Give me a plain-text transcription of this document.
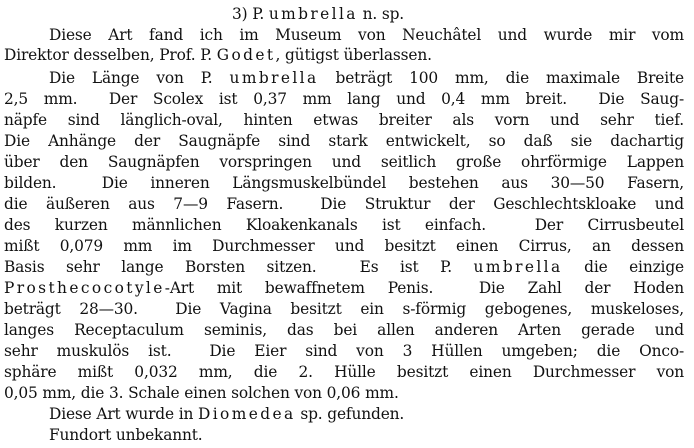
3) P. umbrella n. sp.
Diese Art fand ich im Museum von Neuchâtel und wurde mir vom
Direktor desselben, Prof. P. Godet, gütigst überlassen.
Die Länge von P. umbrella beträgt 100 mm, die maximale Breite
2,5 mm.  Der Scolex ist 0,37 mm lang und 0,4 mm breit.  Die Saug-
näpfe sind länglich-oval, hinten etwas breiter als vorn und sehr tief.
Die Anhänge der Saugnäpfe sind stark entwickelt, so daß sie dachartig
über den Saugnäpfen vorspringen und seitlich große ohrförmige Lappen
bilden.  Die inneren Längsmuskelbündel bestehen aus 30—50 Fasern,
die äußeren aus 7—9 Fasern.  Die Struktur der Geschlechtskloake und
des kurzen männlichen Kloakenkanals ist einfach.  Der Cirrusbeutel
mißt 0,079 mm im Durchmesser und besitzt einen Cirrus, an dessen
Basis sehr lange Borsten sitzen.  Es ist P. umbrella die einzige
Prosthecocotyle-Art mit bewaffnetem Penis.  Die Zahl der Hoden
beträgt 28—30.  Die Vagina besitzt ein s-förmig gebogenes, muskeloses,
langes Receptaculum seminis, das bei allen anderen Arten gerade und
sehr muskulös ist.  Die Eier sind von 3 Hüllen umgeben; die Onco-
sphäre mißt 0,032 mm, die 2. Hülle besitzt einen Durchmesser von
0,05 mm, die 3. Schale einen solchen von 0,06 mm.
Diese Art wurde in Diomedea sp. gefunden.
Fundort unbekannt.
